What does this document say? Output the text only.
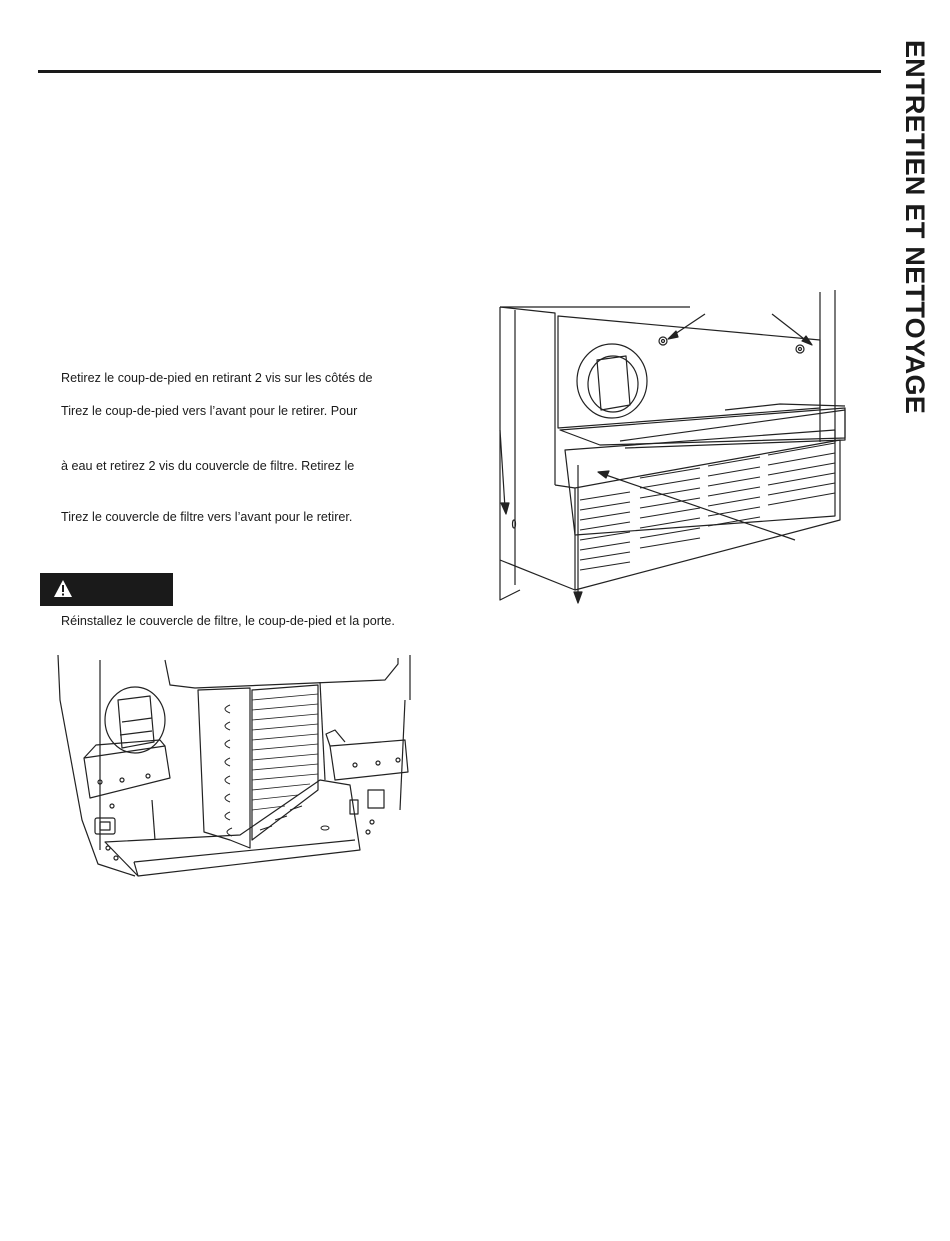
ENTRETIEN ET NETTOYAGE
Retirez le coup-de-pied en retirant 2 vis sur les côtés de
Tirez le coup-de-pied vers l’avant pour le retirer. Pour
à eau et retirez 2 vis du couvercle de filtre. Retirez le
Tirez le couvercle de filtre vers l’avant pour le retirer.
Réinstallez le couvercle de filtre, le coup-de-pied et la porte.
